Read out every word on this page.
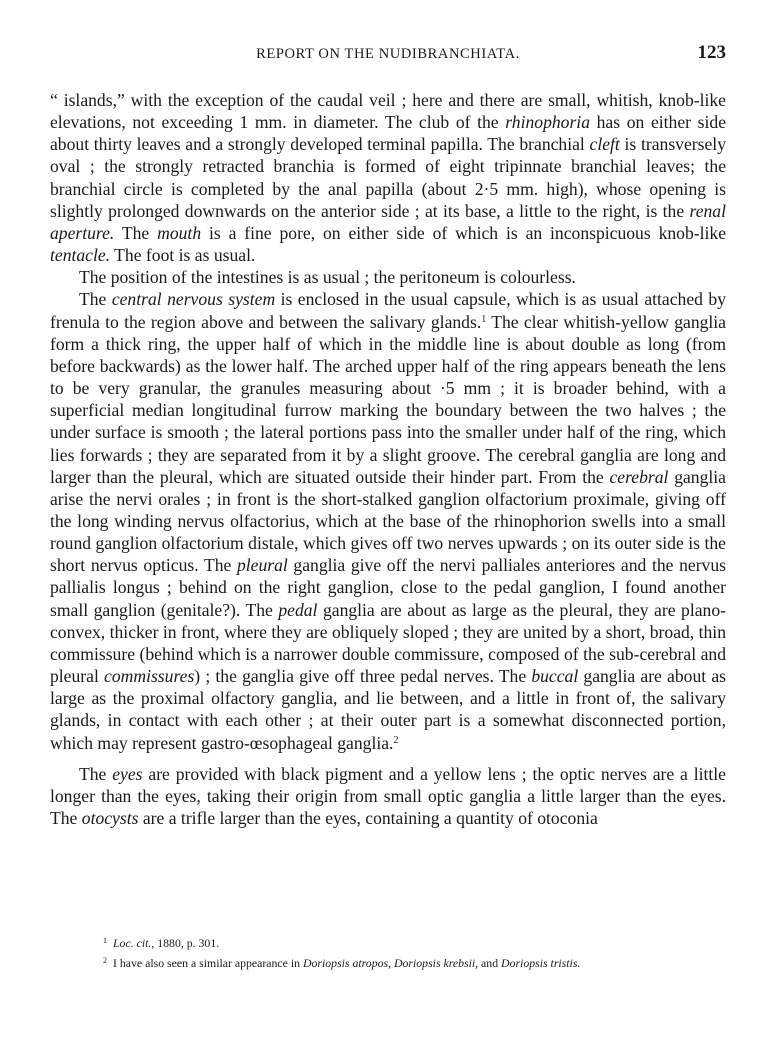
REPORT ON THE NUDIBRANCHIATA.	123

“ islands,” with the exception of the caudal veil ; here and there are small, whitish, knob-like elevations, not exceeding 1 mm. in diameter. The club of the rhinophoria has on either side about thirty leaves and a strongly developed terminal papilla. The branchial cleft is transversely oval ; the strongly retracted branchia is formed of eight tripinnate branchial leaves; the branchial circle is completed by the anal papilla (about 2·5 mm. high), whose opening is slightly prolonged downwards on the anterior side ; at its base, a little to the right, is the renal aperture. The mouth is a fine pore, on either side of which is an inconspicuous knob-like tentacle. The foot is as usual.

The position of the intestines is as usual ; the peritoneum is colourless.

The central nervous system is enclosed in the usual capsule, which is as usual attached by frenula to the region above and between the salivary glands.$^1$ The clear whitish-yellow ganglia form a thick ring, the upper half of which in the middle line is about double as long (from before backwards) as the lower half. The arched upper half of the ring appears beneath the lens to be very granular, the granules measuring about ·5 mm ; it is broader behind, with a superficial median longitudinal furrow marking the boundary between the two halves ; the under surface is smooth ; the lateral portions pass into the smaller under half of the ring, which lies forwards ; they are separated from it by a slight groove. The cerebral ganglia are long and larger than the pleural, which are situated outside their hinder part. From the cerebral ganglia arise the nervi orales ; in front is the short-stalked ganglion olfactorium proximale, giving off the long winding nervus olfactorius, which at the base of the rhinophorion swells into a small round ganglion olfactorium distale, which gives off two nerves upwards ; on its outer side is the short nervus opticus. The pleural ganglia give off the nervi palliales anteriores and the nervus pallialis longus ; behind on the right ganglion, close to the pedal ganglion, I found another small ganglion (genitale?). The pedal ganglia are about as large as the pleural, they are plano-convex, thicker in front, where they are obliquely sloped ; they are united by a short, broad, thin commissure (behind which is a narrower double commissure, composed of the sub-cerebral and pleural commissures) ; the ganglia give off three pedal nerves. The buccal ganglia are about as large as the proximal olfactory ganglia, and lie between, and a little in front of, the salivary glands, in contact with each other ; at their outer part is a somewhat disconnected portion, which may represent gastro-œsophageal ganglia.$^2$

The eyes are provided with black pigment and a yellow lens ; the optic nerves are a little longer than the eyes, taking their origin from small optic ganglia a little larger than the eyes. The otocysts are a trifle larger than the eyes, containing a quantity of otoconia

$^1$ Loc. cit., 1880, p. 301.

$^2$ I have also seen a similar appearance in Doriopsis atropos, Doriopsis krebsii, and Doriopsis tristis.
